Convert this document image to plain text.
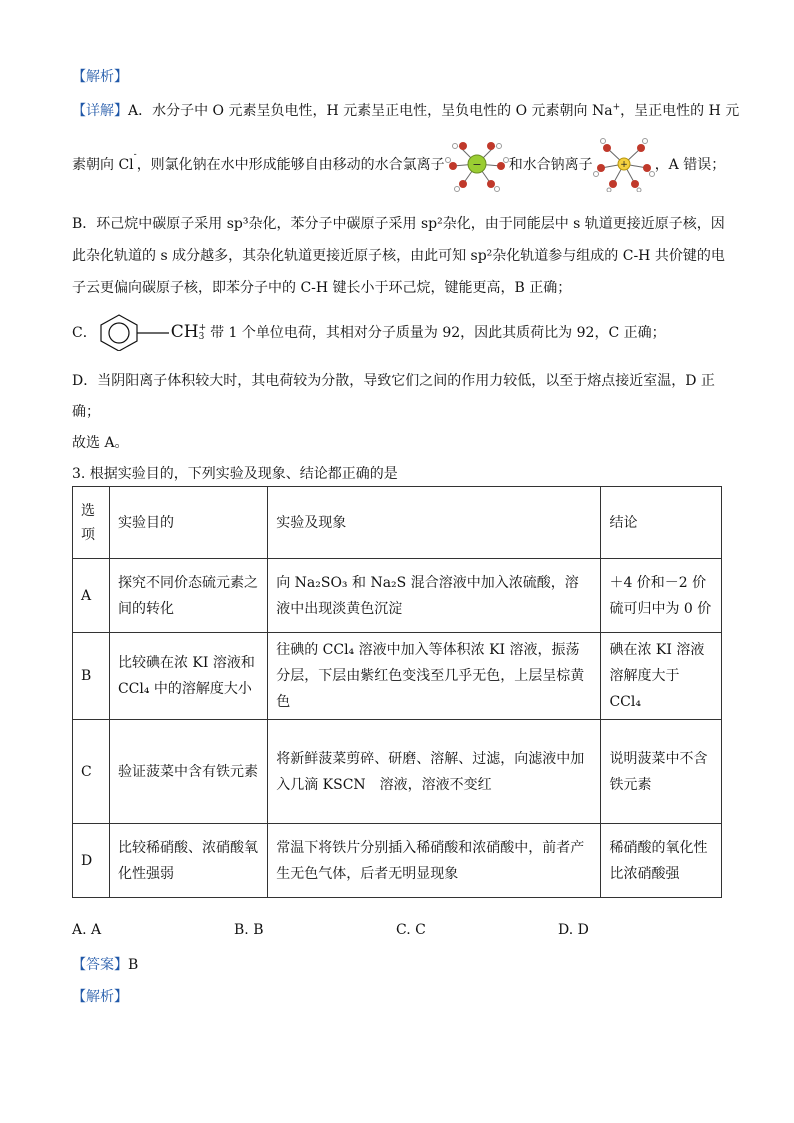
【解析】
【详解】A．水分子中 O 元素呈负电性，H 元素呈正电性，呈负电性的 O 元素朝向 Na+，呈正电性的 H 元
素朝向 Cl
-
，则氯化钠在水中形成能够自由移动的水合氯离子 − 和水合钠离子	+ ，A 错误；
B．环己烷中碳原子采用 sp³杂化，苯分子中碳原子采用 sp²杂化，由于同能层中 s 轨道更接近原子核，因
此杂化轨道的 s 成分越多，其杂化轨道更接近原子核，由此可知 sp²杂化轨道参与组成的 C-H 共价键的电
子云更偏向碳原子核，即苯分子中的 C-H 键长小于环己烷，键能更高，B 正确；
C．	CH +
3 带 1 个单位电荷，其相对分子质量为 92，因此其质荷比为 92，C 正确；
D．当阴阳离子体积较大时，其电荷较为分散，导致它们之间的作用力较低，以至于熔点接近室温，D 正
确；
故选 A。
3. 根据实验目的，下列实验及现象、结论都正确的是
选项	实验目的	实验及现象	结论
A	探究不同价态硫元素之间的转化	向 Na₂SO₃ 和 Na₂S 混合溶液中加入浓硫酸，溶液中出现淡黄色沉淀	＋4 价和－2 价硫可归中为 0 价
B	比较碘在浓 KI 溶液和 CCl₄ 中的溶解度大小	往碘的 CCl₄ 溶液中加入等体积浓 KI 溶液，振荡分层，下层由紫红色变浅至几乎无色，上层呈棕黄色	碘在浓 KI 溶液溶解度大于 CCl₄
C	验证菠菜中含有铁元素	将新鲜菠菜剪碎、研磨、溶解、过滤，向滤液中加入几滴 KSCN　溶液，溶液不变红	说明菠菜中不含铁元素
D	比较稀硝酸、浓硝酸氧化性强弱	常温下将铁片分别插入稀硝酸和浓硝酸中，前者产生无色气体，后者无明显现象	稀硝酸的氧化性比浓硝酸强
A. A	B. B	C. C	D. D
【答案】B
【解析】
